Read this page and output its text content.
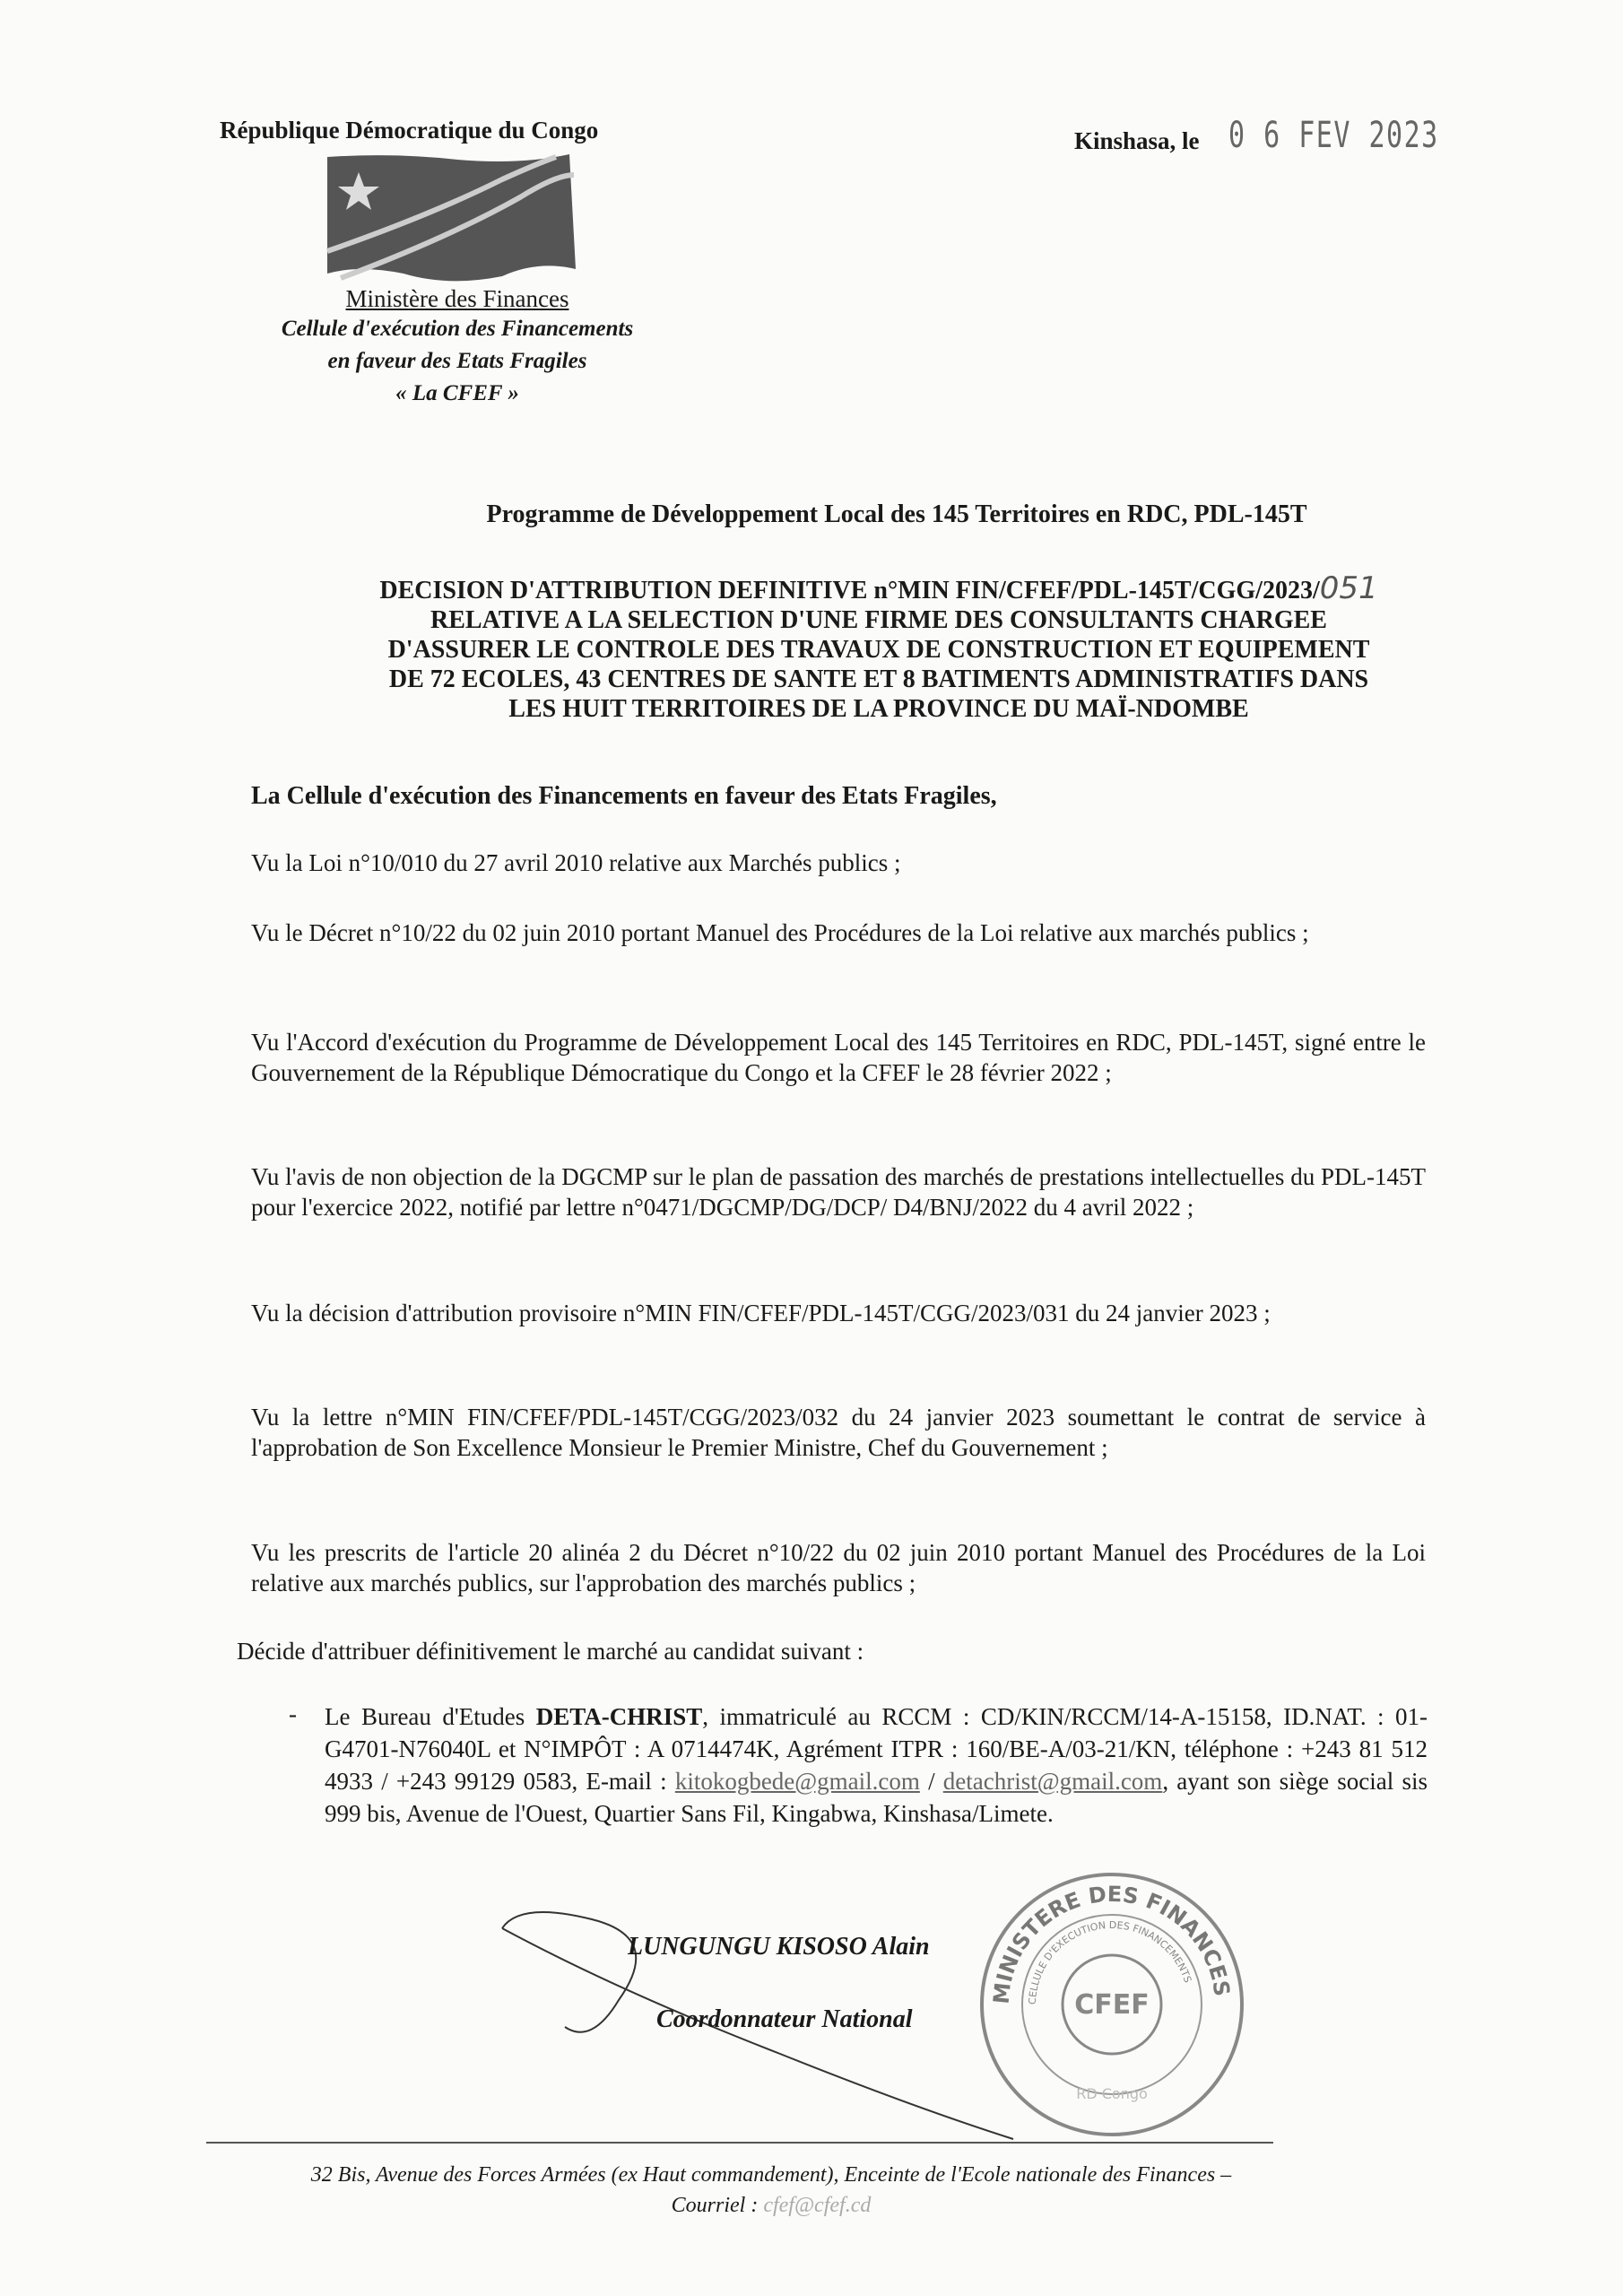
République Démocratique du Congo	Kinshasa, le 0 6 FEV 2023
Ministère des Finances
Cellule d'exécution des Financements
en faveur des Etats Fragiles
« La CFEF »
Programme de Développement Local des 145 Territoires en RDC, PDL-145T
DECISION D'ATTRIBUTION DEFINITIVE n°MIN FIN/CFEF/PDL-145T/CGG/2023/051
RELATIVE A LA SELECTION D'UNE FIRME DES CONSULTANTS CHARGEE
D'ASSURER LE CONTROLE DES TRAVAUX DE CONSTRUCTION ET EQUIPEMENT
DE 72 ECOLES, 43 CENTRES DE SANTE ET 8 BATIMENTS ADMINISTRATIFS DANS
LES HUIT TERRITOIRES DE LA PROVINCE DU MAÏ-NDOMBE
La Cellule d'exécution des Financements en faveur des Etats Fragiles,
Vu la Loi n°10/010 du 27 avril 2010 relative aux Marchés publics ;
Vu le Décret n°10/22 du 02 juin 2010 portant Manuel des Procédures de la Loi relative aux marchés publics ;
Vu l'Accord d'exécution du Programme de Développement Local des 145 Territoires en RDC, PDL-145T, signé entre le Gouvernement de la République Démocratique du Congo et la CFEF le 28 février 2022 ;
Vu l'avis de non objection de la DGCMP sur le plan de passation des marchés de prestations intellectuelles du PDL-145T pour l'exercice 2022, notifié par lettre n°0471/DGCMP/DG/DCP/ D4/BNJ/2022 du 4 avril 2022 ;
Vu la décision d'attribution provisoire n°MIN FIN/CFEF/PDL-145T/CGG/2023/031 du 24 janvier 2023 ;
Vu la lettre n°MIN FIN/CFEF/PDL-145T/CGG/2023/032 du 24 janvier 2023 soumettant le contrat de service à l'approbation de Son Excellence Monsieur le Premier Ministre, Chef du Gouvernement ;
Vu les prescrits de l'article 20 alinéa 2 du Décret n°10/22 du 02 juin 2010 portant Manuel des Procédures de la Loi relative aux marchés publics, sur l'approbation des marchés publics ;
Décide d'attribuer définitivement le marché au candidat suivant :
- Le Bureau d'Etudes DETA-CHRIST, immatriculé au RCCM : CD/KIN/RCCM/14-A-15158, ID.NAT. : 01-G4701-N76040L et N°IMPÔT : A 0714474K, Agrément ITPR : 160/BE-A/03-21/KN, téléphone : +243 81 512 4933 / +243 99129 0583, E-mail : kitokogbede@gmail.com / detachrist@gmail.com, ayant son siège social sis 999 bis, Avenue de l'Ouest, Quartier Sans Fil, Kingabwa, Kinshasa/Limete.
MINISTERE DES FINANCES
CELLULE D'EXECUTION DES FINANCEMENTS
CFEF
RD Congo
LUNGUNGU KISOSO Alain
Coordonnateur National
32 Bis, Avenue des Forces Armées (ex Haut commandement), Enceinte de l'Ecole nationale des Finances –
Courriel : cfef@cfef.cd
